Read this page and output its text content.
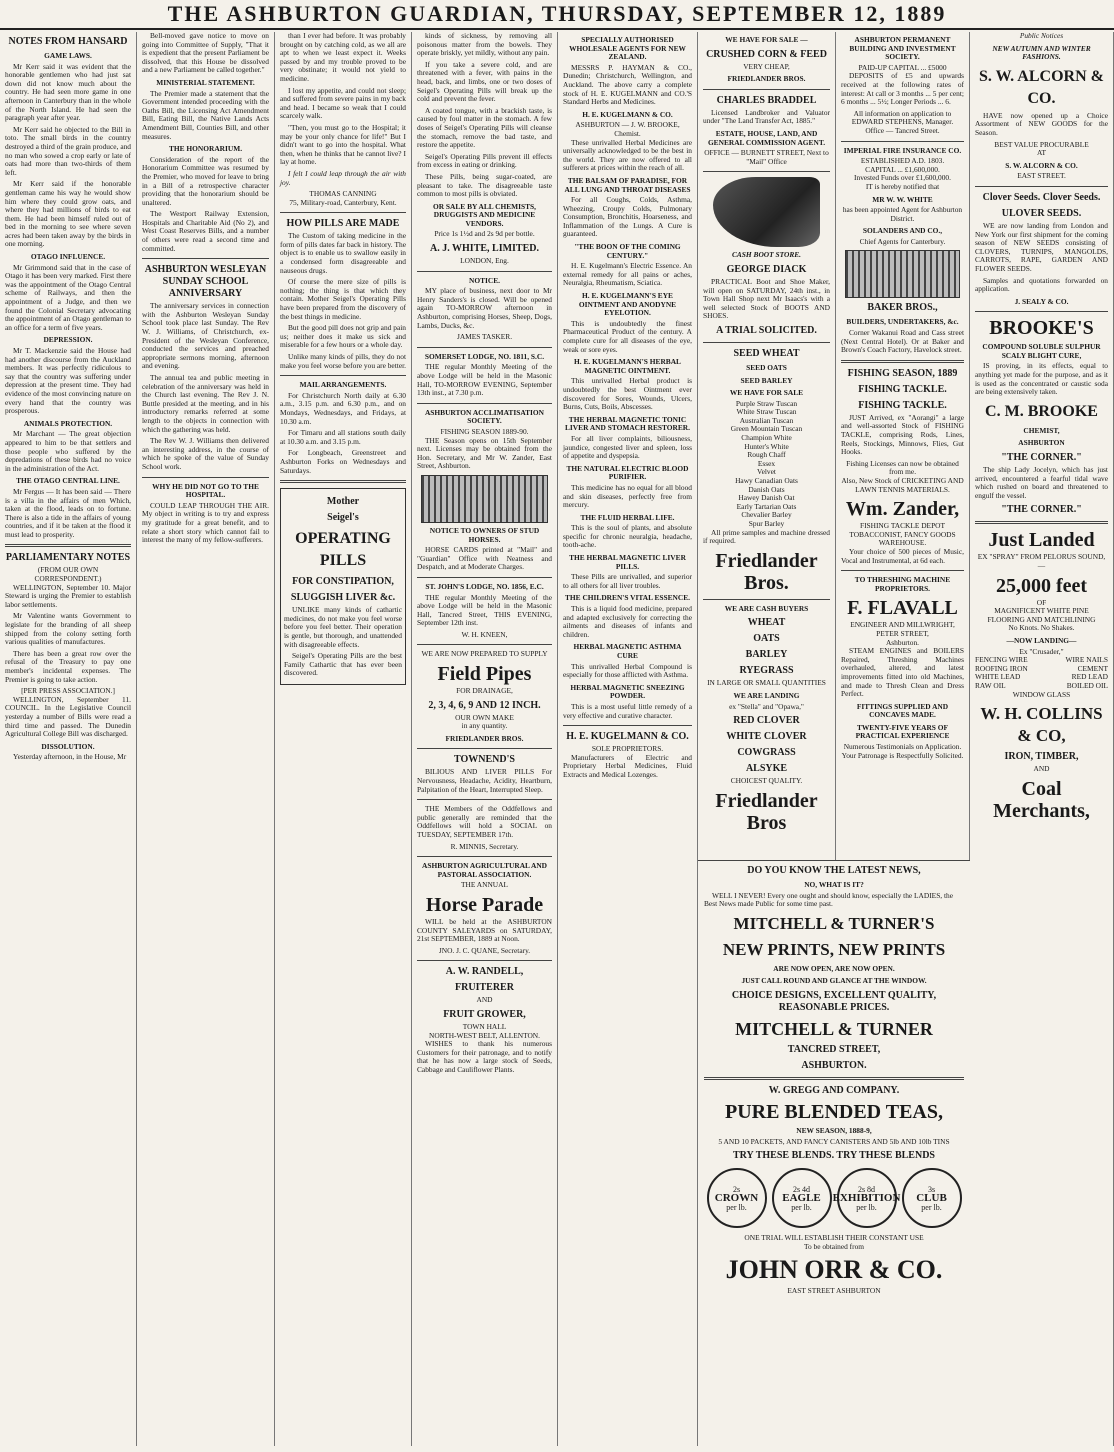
THE ASHBURTON GUARDIAN, THURSDAY, SEPTEMBER 12, 1889
NOTES FROM HANSARD
GAME LAWS.

Mr Kerr said it was evident that the honorable gentlemen who had just sat down did not know much about the country. He had seen more game in one afternoon in Canterbury than in the whole of the North Island. He had seen the paragraph year after year.

Mr Kerr said he objected to the Bill in toto. The small birds in the country destroyed a third of the grain produce, and no man who sowed a crop early or late of oats had more than two-thirds of them left.

Mr Kerr said if the honorable gentleman came his way he would show him where they could grow oats, and where they had millions of birds to eat them. He had been himself ruled out of bed in the morning to see where seven acres had been taken away by the birds in one morning.

OTAGO INFLUENCE.

Mr Grimmond said that in the case of Otago it has been very marked. First there was the appointment of the Otago Central scheme of Railways, and then the appointment of a Judge, and then we found the Colonial Secretary advocating the appointment of an Otago gentleman to an office for a term of five years.

DEPRESSION.

Mr T. Mackenzie said the House had had another discourse from the Auckland members. It was perfectly ridiculous to say that the country was suffering under depression at the present time. They had evidence of the most convincing nature on every hand that the country was prosperous.

ANIMALS PROTECTION.

Mr Marchant — The great objection appeared to him to be that settlers and those people who suffered by the depredations of these birds had no voice in the administration of the Act.

THE OTAGO CENTRAL LINE.

Mr Fergus — It has been said — There is a villa in the affairs of men Which, taken at the flood, leads on to fortune. There is also a tide in the affairs of young countries, and if it be taken at the flood it must lead to prosperity.

PARLIAMENTARY NOTES
(FROM OUR OWN CORRESPONDENT.)

WELLINGTON, September 10. Major Steward is urging the Premier to establish labor settlements.

Mr Valentine wants Government to legislate for the branding of all sheep shipped from the colony setting forth various qualities of manufactures.

There has been a great row over the refusal of the Treasury to pay one member's incidental expenses. The Premier is going to take action.

[PER PRESS ASSOCIATION.]

WELLINGTON, September 11. COUNCIL. In the Legislative Council yesterday a number of Bills were read a third time and passed. The Dunedin Agricultural College Bill was discharged.

DISSOLUTION.

Yesterday afternoon, in the House, Mr

Bell-moved gave notice to move on going into Committee of Supply, "That it is expedient that the present Parliament be dissolved, that this House be dissolved and a new Parliament be called together."

MINISTERIAL STATEMENT.

The Premier made a statement that the Government intended proceeding with the Oaths Bill, the Licensing Act Amendment Bill, Eating Bill, the Native Lands Acts Amendment Bill, Counties Bill, and other measures.

THE HONORARIUM.

Consideration of the report of the Honorarium Committee was resumed by the Premier, who moved for leave to bring in a Bill of a retrospective character providing that the honorarium should be unaltered.

The Westport Railway Extension, Hospitals and Charitable Aid (No 2), and West Coast Reserves Bills, and a number of others were read a second time and committed.

ASHBURTON WESLEYAN SUNDAY SCHOOL ANNIVERSARY

The anniversary services in connection with the Ashburton Wesleyan Sunday School took place last Sunday. The Rev W. J. Williams, of Christchurch, ex-President of the Wesleyan Conference, conducted the services and preached appropriate sermons morning, afternoon and evening.

The annual tea and public meeting in celebration of the anniversary was held in the Church last evening. The Rev J. N. Buttle presided at the meeting, and in his introductory remarks referred at some length to the objects in connection with which the gathering was held.

The Rev W. J. Williams then delivered an interesting address, in the course of which he spoke of the value of Sunday School work.

WHY HE DID NOT GO TO THE HOSPITAL.

COULD LEAP THROUGH THE AIR. My object in writing is to try and express my gratitude for a great benefit, and to relate a short story which cannot fail to interest the many of my fellow-sufferers.

than I ever had before. It was probably brought on by catching cold, as we all are apt to when we least expect it. Weeks passed by and my trouble proved to be very obstinate; it would not yield to medicine.

I lost my appetite, and could not sleep; and suffered from severe pains in my back and head. I became so weak that I could scarcely walk.

"Then, you must go to the Hospital; it may be your only chance for life!" But I didn't want to go into the hospital. What then, when he thinks that he cannot live? I lay at home.

I felt I could leap through the air with joy.

THOMAS CANNING
75, Military-road, Canterbury, Kent.
HOW PILLS ARE MADE

The Custom of taking medicine in the form of pills dates far back in history. The object is to enable us to swallow easily in a condensed form disagreeable and nauseous drugs.

Of course the mere size of pills is nothing; the thing is that which they contain. Mother Seigel's Operating Pills have been prepared from the discovery of the best things in medicine.

But the good pill does not grip and pain us; neither does it make us sick and miserable for a few hours or a whole day.

Unlike many kinds of pills, they do not make you feel worse before you are better.

MAIL ARRANGEMENTS.

For Christchurch North daily at 6.30 a.m., 3.15 p.m. and 6.30 p.m., and on Mondays, Wednesdays, and Fridays, at 10.30 a.m.

For Timaru and all stations south daily at 10.30 a.m. and 3.15 p.m.

For Longbeach, Greenstreet and Ashburton Forks on Wednesdays and Saturdays.

Mother
Seigel's
OPERATING PILLS
FOR CONSTIPATION,
SLUGGISH LIVER &c.

UNLIKE many kinds of cathartic medicines, do not make you feel worse before you feel better. Their operation is gentle, but thorough, and unattended with disagreeable effects.

Seigel's Operating Pills are the best Family Cathartic that has ever been discovered.

kinds of sickness, by removing all poisonous matter from the bowels. They operate briskly, yet mildly, without any pain.

If you take a severe cold, and are threatened with a fever, with pains in the head, back, and limbs, one or two doses of Seigel's Operating Pills will break up the cold and prevent the fever.

A coated tongue, with a brackish taste, is caused by foul matter in the stomach. A few doses of Seigel's Operating Pills will cleanse the stomach, remove the bad taste, and restore the appetite.

Seigel's Operating Pills prevent ill effects from excess in eating or drinking.

These Pills, being sugar-coated, are pleasant to take. The disagreeable taste common to most pills is obviated.

OR SALE BY ALL CHEMISTS, DRUGGISTS AND MEDICINE VENDORS.
Price 1s 1½d and 2s 9d per bottle.
A. J. WHITE, LIMITED.
LONDON, Eng.
NOTICE.

MY place of business, next door to Mr Henry Sanders's is closed. Will be opened again TO-MORROW afternoon in Ashburton, comprising Horses, Sheep, Dogs, Lambs, Ducks, &c.

JAMES TASKER.
SOMERSET LODGE, NO. 1811, S.C.

THE regular Monthly Meeting of the above Lodge will be held in the Masonic Hall, TO-MORROW EVENING, September 13th inst., at 7.30 p.m.

ASHBURTON ACCLIMATISATION SOCIETY.
FISHING SEASON 1889-90.

THE Season opens on 15th September next. Licenses may be obtained from the Hon. Secretary, and Mr W. Zander, East Street, Ashburton.

NOTICE TO OWNERS OF STUD HORSES.

HORSE CARDS printed at "Mail" and "Guardian" Office with Neatness and Despatch, and at Moderate Charges.

ST. JOHN'S LODGE, NO. 1856, E.C.

THE regular Monthly Meeting of the above Lodge will be held in the Masonic Hall, Tancred Street, THIS EVENING, September 12th inst.

W. H. KNEEN,
WE ARE NOW PREPARED TO SUPPLY
Field Pipes
FOR DRAINAGE,
2, 3, 4, 6, 9 AND 12 INCH.
OUR OWN MAKE
in any quantity.
FRIEDLANDER BROS.
TOWNEND'S

BILIOUS AND LIVER PILLS For Nervousness, Headache, Acidity, Heartburn, Palpitation of the Heart, Interrupted Sleep.

THE Members of the Oddfellows and public generally are reminded that the Oddfellows will hold a SOCIAL on TUESDAY, SEPTEMBER 17th.

R. MINNIS, Secretary.
ASHBURTON AGRICULTURAL AND PASTORAL ASSOCIATION.
THE ANNUAL
Horse Parade

WILL be held at the ASHBURTON COUNTY SALEYARDS on SATURDAY, 21st SEPTEMBER, 1889 at Noon.

JNO. J. C. QUANE, Secretary.
A. W. RANDELL,
FRUITERER
AND
FRUIT GROWER,
TOWN HALL
NORTH-WEST BELT, ALLENTON.

WISHES to thank his numerous Customers for their patronage, and to notify that he has now a large stock of Seeds, Cabbage and Cauliflower Plants.

SPECIALLY AUTHORISED WHOLESALE AGENTS FOR NEW ZEALAND.

MESSRS P. HAYMAN & CO., Dunedin; Christchurch, Wellington, and Auckland. The above carry a complete stock of H. E. KUGELMANN and CO.'S Standard Herbs and Medicines.

H. E. KUGELMANN & CO.
ASHBURTON — J. W. BROOKE, Chemist.

These unrivalled Herbal Medicines are universally acknowledged to be the best in the world. They are now offered to all sufferers at prices within the reach of all.

THE BALSAM OF PARADISE, FOR ALL LUNG AND THROAT DISEASES

For all Coughs, Colds, Asthma, Wheezing, Croupy Colds, Pulmonary Consumption, Bronchitis, Hoarseness, and Inflammation of the Lungs. A Cure is guaranteed.

"THE BOON OF THE COMING CENTURY."

H. E. Kugelmann's Electric Essence. An external remedy for all pains or aches, Neuralgia, Rheumatism, Sciatica.

H. E. KUGELMANN'S EYE OINTMENT AND ANODYNE EYELOTION.

This is undoubtedly the finest Pharmaceutical Product of the century. A complete cure for all diseases of the eye, weak or sore eyes.

H. E. KUGELMANN'S HERBAL MAGNETIC OINTMENT.

This unrivalled Herbal product is undoubtedly the best Ointment ever discovered for Sores, Wounds, Ulcers, Burns, Cuts, Boils, Abscesses.

THE HERBAL MAGNETIC TONIC LIVER AND STOMACH RESTORER.

For all liver complaints, biliousness, jaundice, congested liver and spleen, loss of appetite and dyspepsia.

THE NATURAL ELECTRIC BLOOD PURIFIER.

This medicine has no equal for all blood and skin diseases, perfectly free from mercury.

THE FLUID HERBAL LIFE.

This is the soul of plants, and absolute specific for chronic neuralgia, headache, tooth-ache.

THE HERBAL MAGNETIC LIVER PILLS.

These Pills are unrivalled, and superior to all others for all liver troubles.

THE CHILDREN'S VITAL ESSENCE.

This is a liquid food medicine, prepared and adapted exclusively for correcting the ailments and diseases of infants and children.

HERBAL MAGNETIC ASTHMA CURE

This unrivalled Herbal Compound is especially for those afflicted with Asthma.

HERBAL MAGNETIC SNEEZING POWDER.

This is a most useful little remedy of a very effective and curative character.

H. E. KUGELMANN & CO.
SOLE PROPRIETORS.

Manufacturers of Electric and Proprietary Herbal Medicines, Fluid Extracts and Medical Lozenges.

WE HAVE FOR SALE —
CRUSHED CORN & FEED
VERY CHEAP,
FRIEDLANDER BROS.
CHARLES BRADDEL

Licensed Landbroker and Valuator under "The Land Transfer Act, 1885."

ESTATE, HOUSE, LAND, AND GENERAL COMMISSION AGENT.
OFFICE — BURNETT STREET, Next to "Mail" Office
CASH BOOT STORE.
GEORGE DIACK

PRACTICAL Boot and Shoe Maker, will open on SATURDAY, 24th inst., in Town Hall Shop next Mr Isaacs's with a well selected Stock of BOOTS AND SHOES.

A TRIAL SOLICITED.
SEED WHEAT
SEED OATS
SEED BARLEY
WE HAVE FOR SALE
Purple Straw Tuscan
White Straw Tuscan
Australian Tuscan
Green Mountain Tuscan
Champion White
Hunter's White
Rough Chaff
Essex
Velvet
Hawy Canadian Oats
Danish Oats
Hawey Danish Oat
Early Tartarian Oats
Chevalier Barley
Spur Barley

All prime samples and machine dressed if required.

Friedlander Bros.
WE ARE CASH BUYERS
WHEAT
OATS
BARLEY
RYEGRASS
IN LARGE OR SMALL QUANTITIES
WE ARE LANDING
ex "Stella" and "Opawa,"
RED CLOVER
WHITE CLOVER
COWGRASS
ALSYKE
CHOICEST QUALITY.
Friedlander Bros
DO YOU KNOW THE LATEST NEWS,
NO, WHAT IS IT?

WELL I NEVER! Every one ought and should know, especially the LADIES, the Best News made Public for some time past.

MITCHELL & TURNER'S
NEW PRINTS, NEW PRINTS
ARE NOW OPEN, ARE NOW OPEN.
JUST CALL ROUND AND GLANCE AT THE WINDOW.
CHOICE DESIGNS, EXCELLENT QUALITY, REASONABLE PRICES.
MITCHELL & TURNER
TANCRED STREET,
ASHBURTON.
W. GREGG AND COMPANY.
PURE BLENDED TEAS,
NEW SEASON, 1888-9,
5 AND 10 PACKETS, AND FANCY CANISTERS AND 5lb AND 10lb TINS
TRY THESE BLENDS. TRY THESE BLENDS
2s
CROWN
per lb.
2s 4d
EAGLE
per lb.
2s 8d
EXHIBITION
per lb.
3s
CLUB
per lb.
ONE TRIAL WILL ESTABLISH THEIR CONSTANT USE
To be obtained from
JOHN ORR & CO.
EAST STREET ASHBURTON
ASHBURTON PERMANENT BUILDING AND INVESTMENT SOCIETY.
PAID-UP CAPITAL ... £5000

DEPOSITS of £5 and upwards received at the following rates of interest: At call or 3 months ... 5 per cent; 6 months ... 5½; Longer Periods ... 6.

All information on application to
EDWARD STEPHENS, Manager.
Office — Tancred Street.
IMPERIAL FIRE INSURANCE CO.
ESTABLISHED A.D. 1803.
CAPITAL ... £1,600,000.
Invested Funds over £1,600,000.
IT is hereby notified that
MR W. W. WHITE
has been appointed Agent for Ashburton District.
SOLANDERS AND CO.,
Chief Agents for Canterbury.
BAKER BROS.,
BUILDERS, UNDERTAKERS, &c.

Corner Wakanui Road and Cass street (Next Central Hotel). Or at Baker and Brown's Coach Factory, Havelock street.

FISHING SEASON, 1889
FISHING TACKLE.
FISHING TACKLE.

JUST Arrived, ex "Aorangi" a large and well-assorted Stock of FISHING TACKLE, comprising Rods, Lines, Reels, Stockings, Minnows, Flies, Gut Hooks.

Fishing Licenses can now be obtained from me.
Also, New Stock of CRICKETING AND LAWN TENNIS MATERIALS.
Wm. Zander,
FISHING TACKLE DEPOT TOBACCONIST, FANCY GOODS WAREHOUSE.

Your choice of 500 pieces of Music, Vocal and Instrumental, at 6d each.

TO THRESHING MACHINE PROPRIETORS.
F. FLAVALL
ENGINEER AND MILLWRIGHT,
PETER STREET,
Ashburton.

STEAM ENGINES and BOILERS Repaired, Threshing Machines overhauled, altered, and latest improvements fitted into old Machines, and made to Thresh Clean and Dress Perfect.

FITTINGS SUPPLIED AND CONCAVES MADE.
TWENTY-FIVE YEARS OF PRACTICAL EXPERIENCE
Numerous Testimonials on Application.
Your Patronage is Respectfully Solicited.
Public Notices
NEW AUTUMN AND WINTER FASHIONS.
S. W. ALCORN & CO.

HAVE now opened up a Choice Assortment of NEW GOODS for the Season.

BEST VALUE PROCURABLE
AT
S. W. ALCORN & CO.
EAST STREET.
Clover Seeds. Clover Seeds.
ULOVER SEEDS.

WE are now landing from London and New York our first shipment for the coming season of NEW SEEDS consisting of CLOVERS, TURNIPS, MANGOLDS, CARROTS, RAPE, GARDEN AND FLOWER SEEDS.

Samples and quotations forwarded on application.

J. SEALY & CO.
BROOKE'S
COMPOUND SOLUBLE SULPHUR SCALY BLIGHT CURE,

IS proving, in its effects, equal to anything yet made for the purpose, and as it is used as the concentrated or caustic soda are being extensively taken.

C. M. BROOKE
CHEMIST,
ASHBURTON
"THE CORNER."

The ship Lady Jocelyn, which has just arrived, encountered a fearful tidal wave which rushed on board and threatened to engulf the vessel.

"THE CORNER."
Just Landed
EX "SPRAY" FROM PELORUS SOUND,—
25,000 feet
OF
MAGNIFICENT WHITE PINE
FLOORING AND MATCHLINING
No Knots. No Shakes.
—NOW LANDING—
Ex "Crusader,"
FENCING WIRE	WIRE NAILS
ROOFING IRON	CEMENT
WHITE LEAD	RED LEAD
RAW OIL	BOILED OIL
WINDOW GLASS
W. H. COLLINS & CO,
IRON, TIMBER,
AND
Coal Merchants,
